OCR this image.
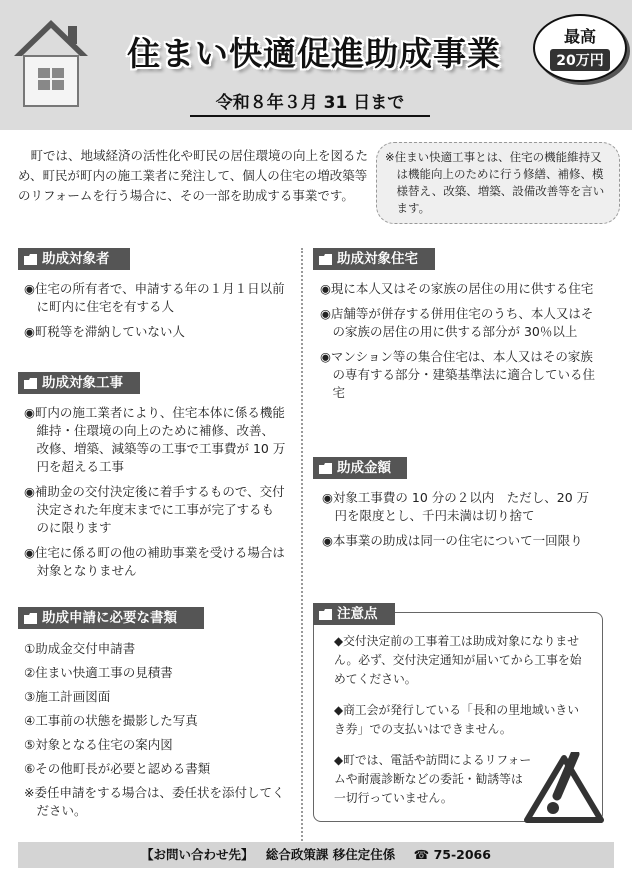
住まい快適促進助成事業
令和８年３月 31 日まで
最高
20万円
町では、地域経済の活性化や町民の居住環境の向上を図るため、町民が町内の施工業者に発注して、個人の住宅の増改築等のリフォームを行う場合に、その一部を助成する事業です。
※住まい快適工事とは、住宅の機能維持又は機能向上のために行う修繕、補修、模様替え、改築、増築、設備改善等を言います。
助成対象者
◉住宅の所有者で、申請する年の１月１日以前に町内に住宅を有する人
◉町税等を滞納していない人
助成対象工事
◉町内の施工業者により、住宅本体に係る機能維持・住環境の向上のために補修、改善、改修、増築、減築等の工事で工事費が 10 万円を超える工事
◉補助金の交付決定後に着手するもので、交付決定された年度末までに工事が完了するものに限ります
◉住宅に係る町の他の補助事業を受ける場合は対象となりません
助成申請に必要な書類
①助成金交付申請書
②住まい快適工事の見積書
③施工計画図面
④工事前の状態を撮影した写真
⑤対象となる住宅の案内図
⑥その他町長が必要と認める書類
※委任申請をする場合は、委任状を添付してください。
助成対象住宅
◉現に本人又はその家族の居住の用に供する住宅
◉店舗等が併存する併用住宅のうち、本人又はその家族の居住の用に供する部分が 30％以上
◉マンション等の集合住宅は、本人又はその家族の専有する部分・建築基準法に適合している住宅
助成金額
◉対象工事費の 10 分の２以内　ただし、20 万円を限度とし、千円未満は切り捨て
◉本事業の助成は同一の住宅について一回限り
注意点
◆交付決定前の工事着工は助成対象になりません。必ず、交付決定通知が届いてから工事を始めてください。
◆商工会が発行している「長和の里地域いきいき券」での支払いはできません。
◆町では、電話や訪問によるリフォームや耐震診断などの委託・勧誘等は一切行っていません。
【お問い合わせ先】 総合政策課 移住定住係 ☎ 75-2066
